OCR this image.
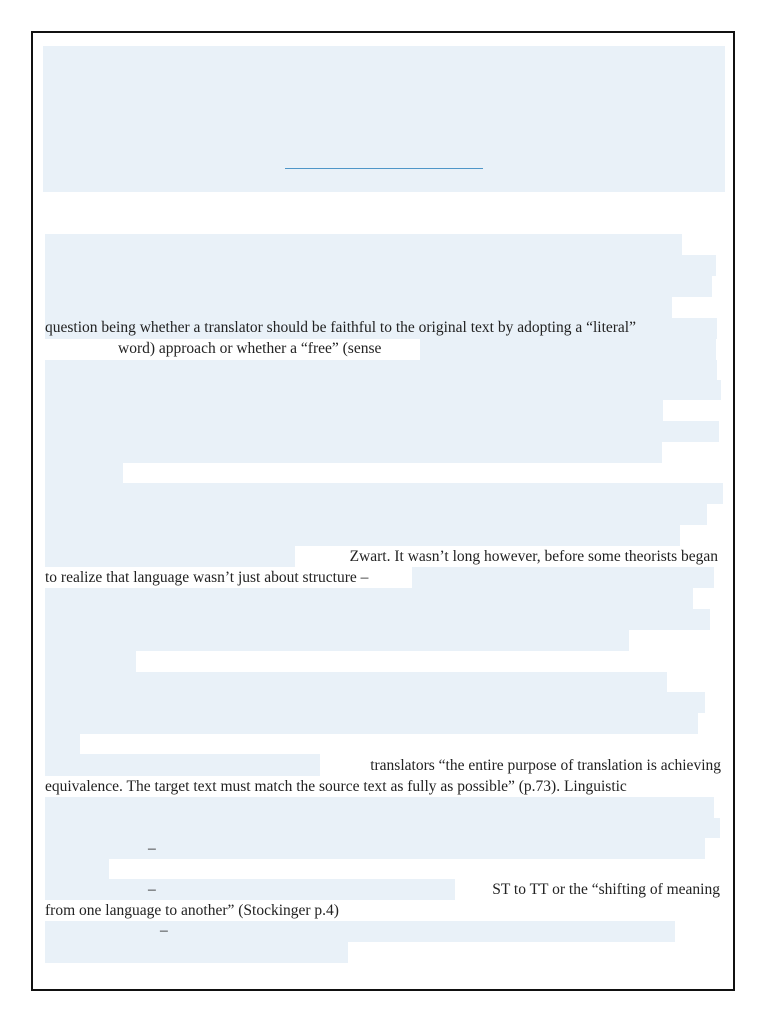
question being whether a translator should be faithful to the original text by adopting a “literal”
word) approach or whether a “free” (sense
Zwart. It wasn’t long however, before some theorists began
to realize that language wasn’t just about structure –
translators “the entire purpose of translation is achieving
equivalence. The target text must match the source text as fully as possible” (p.73). Linguistic
–
–	ST to TT or the “shifting of meaning
from one language to another” (Stockinger p.4)
–
